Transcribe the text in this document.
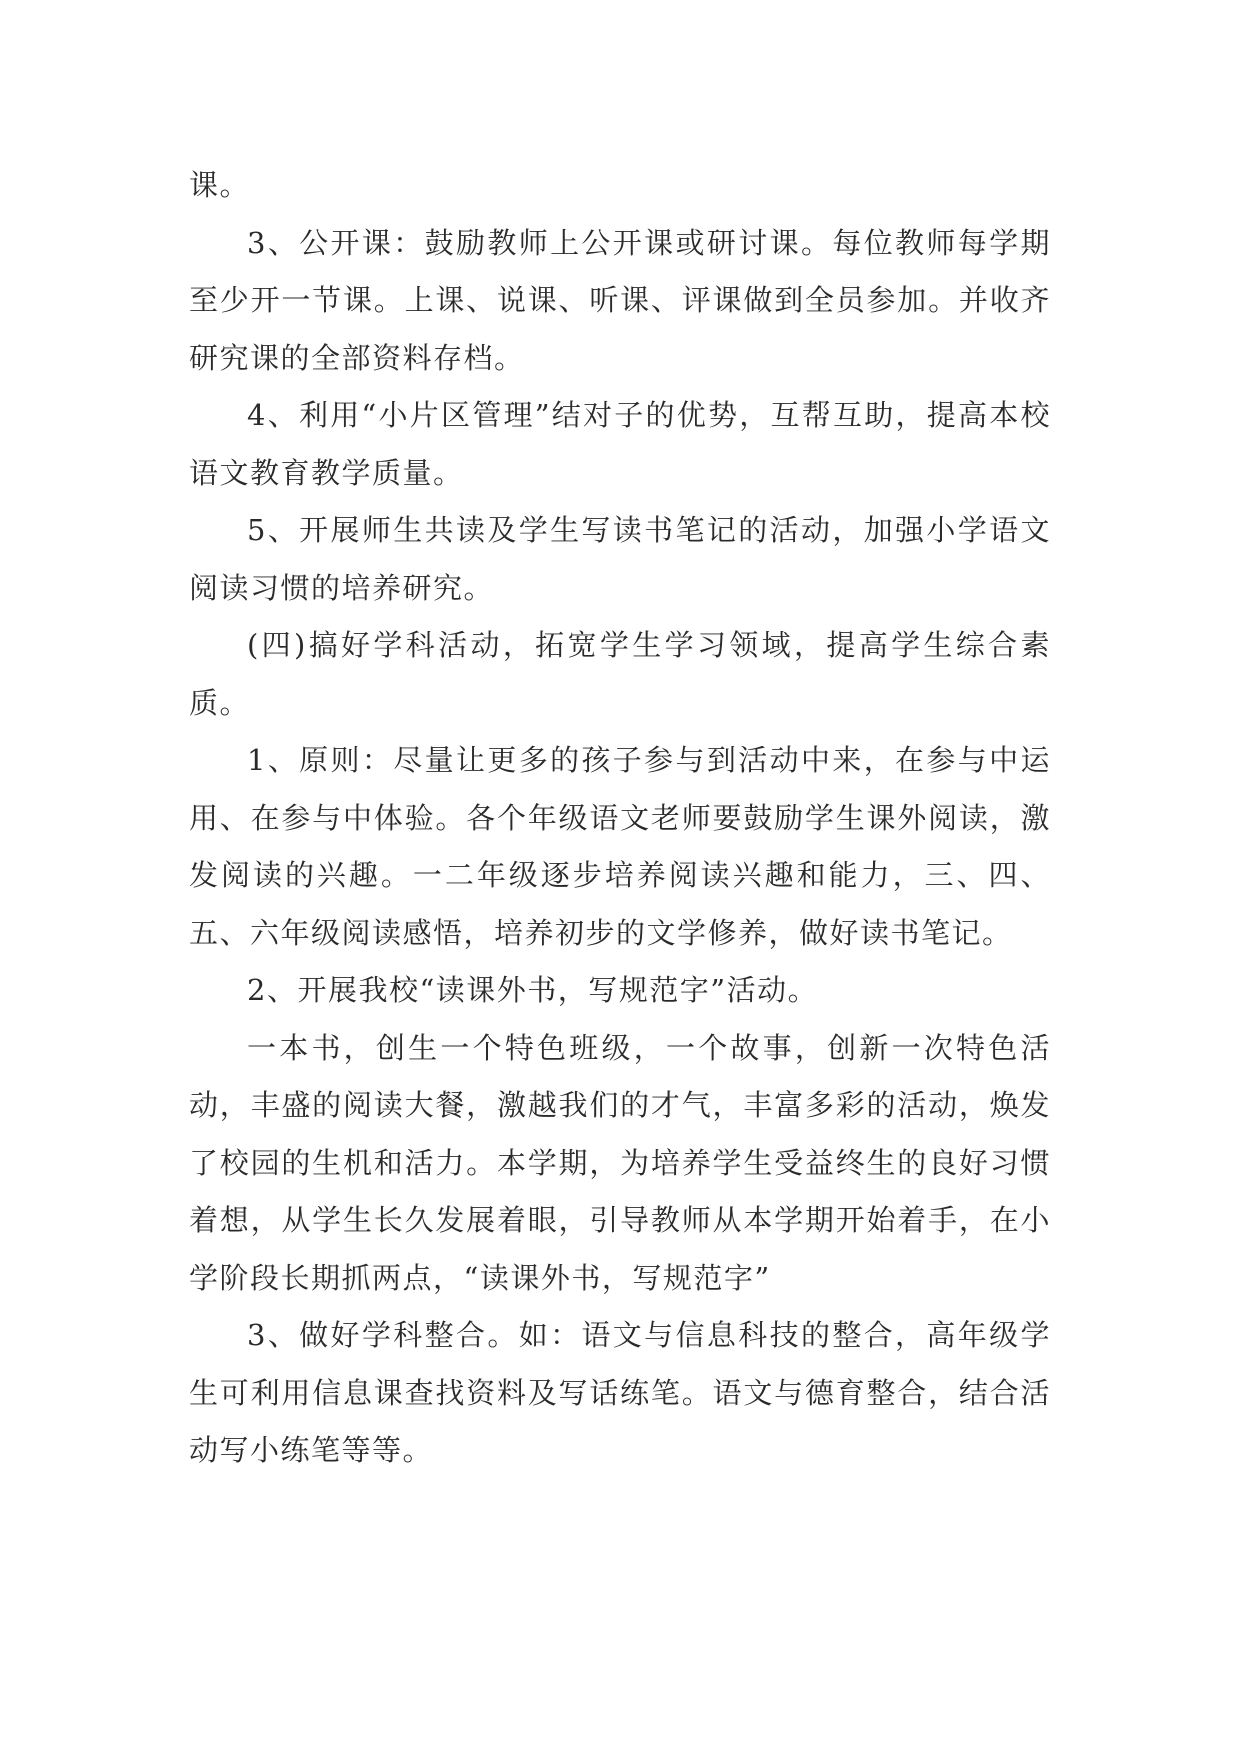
课。

3、公开课：鼓励教师上公开课或研讨课。每位教师每学期至少开一节课。上课、说课、听课、评课做到全员参加。并收齐研究课的全部资料存档。

4、利用“小片区管理”结对子的优势，互帮互助，提高本校语文教育教学质量。

5、开展师生共读及学生写读书笔记的活动，加强小学语文阅读习惯的培养研究。

(四)搞好学科活动，拓宽学生学习领域，提高学生综合素质。

1、原则：尽量让更多的孩子参与到活动中来，在参与中运用、在参与中体验。各个年级语文老师要鼓励学生课外阅读，激发阅读的兴趣。一二年级逐步培养阅读兴趣和能力，三、四、五、六年级阅读感悟，培养初步的文学修养，做好读书笔记。

2、开展我校“读课外书，写规范字”活动。

一本书，创生一个特色班级，一个故事，创新一次特色活动，丰盛的阅读大餐，激越我们的才气，丰富多彩的活动，焕发了校园的生机和活力。本学期，为培养学生受益终生的良好习惯着想，从学生长久发展着眼，引导教师从本学期开始着手，在小学阶段长期抓两点，“读课外书，写规范字”

3、做好学科整合。如：语文与信息科技的整合，高年级学生可利用信息课查找资料及写话练笔。语文与德育整合，结合活动写小练笔等等。
